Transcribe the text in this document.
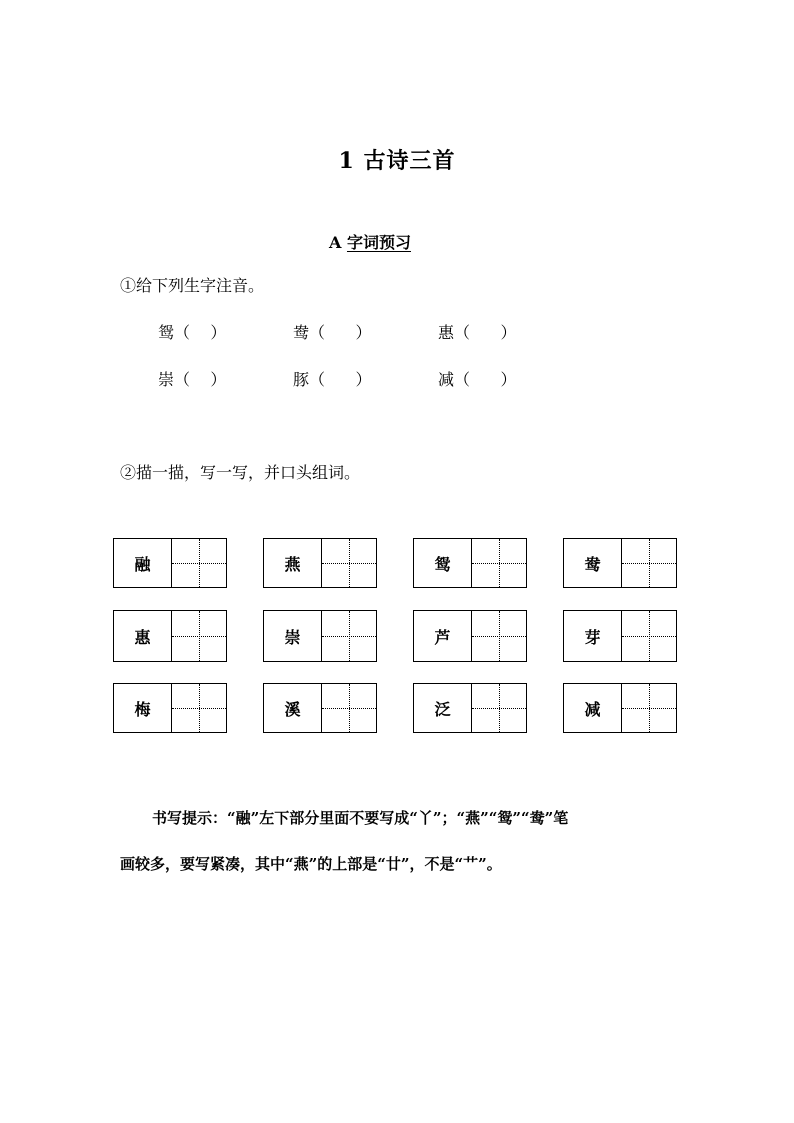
1 古诗三首
A 字词预习
①给下列生字注音。
鸳（    ）	鸯（      ）	惠（      ）
崇（    ）	豚（      ）	减（      ）
②描一描，写一写，并口头组词。
融	燕	鸳	鸯
惠	崇	芦	芽
梅	溪	泛	减
书写提示：“融”左下部分里面不要写成“丫”；“燕”“鸳”“鸯”笔
画较多，要写紧凑，其中“燕”的上部是“廿”，不是“艹”。
